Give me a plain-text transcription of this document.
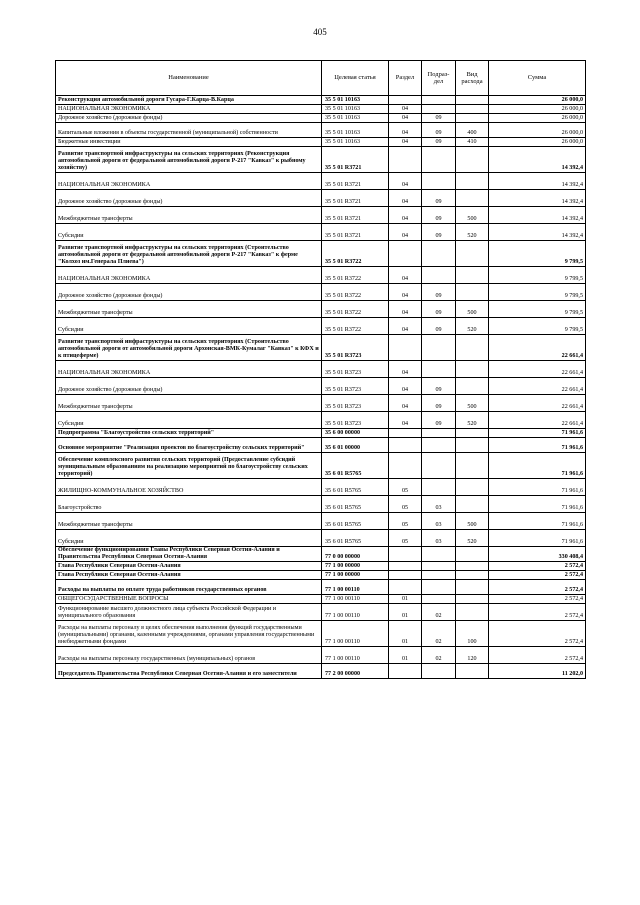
405
Наименование	Целевая статья	Раздел	Подраз-дел	Вид расхода	Сумма
Реконструкция автомобильной дороги Гусара-Г.Карца-В.Карца	35 5 01 10163				26 000,0
НАЦИОНАЛЬНАЯ ЭКОНОМИКА	35 5 01 10163	04			26 000,0
Дорожное хозяйство (дорожные фонды)	35 5 01 10163	04	09		26 000,0
Капитальные вложения в объекты государственной (муниципальной) собственности	35 5 01 10163	04	09	400	26 000,0
Бюджетные инвестиции	35 5 01 10163	04	09	410	26 000,0
Развитие транспортной инфраструктуры на сельских территориях (Реконструкция автомобильной дороги от федеральной автомобильной дороги Р-217 "Кавказ" к рыбному хозяйству)	35 5 01 R3721				14 392,4
НАЦИОНАЛЬНАЯ ЭКОНОМИКА	35 5 01 R3721	04			14 392,4
Дорожное хозяйство (дорожные фонды)	35 5 01 R3721	04	09		14 392,4
Межбюджетные трансферты	35 5 01 R3721	04	09	500	14 392,4
Субсидии	35 5 01 R3721	04	09	520	14 392,4
Развитие транспортной инфраструктуры на сельских территориях (Строительство автомобильной дороги от федеральной автомобильной дороги Р-217 "Кавказ" к ферме "Колхоз им.Генерала Плиева")	35 5 01 R3722				9 799,5
НАЦИОНАЛЬНАЯ ЭКОНОМИКА	35 5 01 R3722	04			9 799,5
Дорожное хозяйство (дорожные фонды)	35 5 01 R3722	04	09		9 799,5
Межбюджетные трансферты	35 5 01 R3722	04	09	500	9 799,5
Субсидии	35 5 01 R3722	04	09	520	9 799,5
Развитие транспортной инфраструктуры на сельских территориях (Строительство автомобильной дороги от автомобильной дороги Архонская-ВМК-Кумалаг "Кавказ" к КФХ и к птицеферме)	35 5 01 R3723				22 661,4
НАЦИОНАЛЬНАЯ ЭКОНОМИКА	35 5 01 R3723	04			22 661,4
Дорожное хозяйство (дорожные фонды)	35 5 01 R3723	04	09		22 661,4
Межбюджетные трансферты	35 5 01 R3723	04	09	500	22 661,4
Субсидии	35 5 01 R3723	04	09	520	22 661,4
Подпрограмма "Благоустройство сельских территорий"	35 6 00 00000				71 961,6
Основное мероприятие "Реализация проектов по благоустройству сельских территорий"	35 6 01 00000				71 961,6
Обеспечение комплексного развития сельских территорий (Предоставление субсидий муниципальным образованиям на реализацию мероприятий по благоустройству сельских территорий)	35 6 01 R5765				71 961,6
ЖИЛИЩНО-КОММУНАЛЬНОЕ ХОЗЯЙСТВО	35 6 01 R5765	05			71 961,6
Благоустройство	35 6 01 R5765	05	03		71 961,6
Межбюджетные трансферты	35 6 01 R5765	05	03	500	71 961,6
Субсидии	35 6 01 R5765	05	03	520	71 961,6
Обеспечение функционирования Главы Республики Северная Осетия-Алания и Правительства Республики Северная Осетия-Алания	77 0 00 00000				330 408,4
Глава Республики Северная Осетия-Алания	77 1 00 00000				2 572,4
Глава Республики Северная Осетия-Алания	77 1 00 00000				2 572,4
Расходы на выплаты по оплате труда работников государственных органов	77 1 00 00110				2 572,4
ОБЩЕГОСУДАРСТВЕННЫЕ ВОПРОСЫ	77 1 00 00110	01			2 572,4
Функционирование высшего должностного лица субъекта Российской Федерации и муниципального образования	77 1 00 00110	01	02		2 572,4
Расходы на выплаты персоналу в целях обеспечения выполнения функций государственными (муниципальными) органами, казенными учреждениями, органами управления государственными внебюджетными фондами	77 1 00 00110	01	02	100	2 572,4
Расходы на выплаты персоналу государственных (муниципальных) органов	77 1 00 00110	01	02	120	2 572,4
Председатель Правительства Республики Северная Осетия-Алания и его заместители	77 2 00 00000				11 202,0
